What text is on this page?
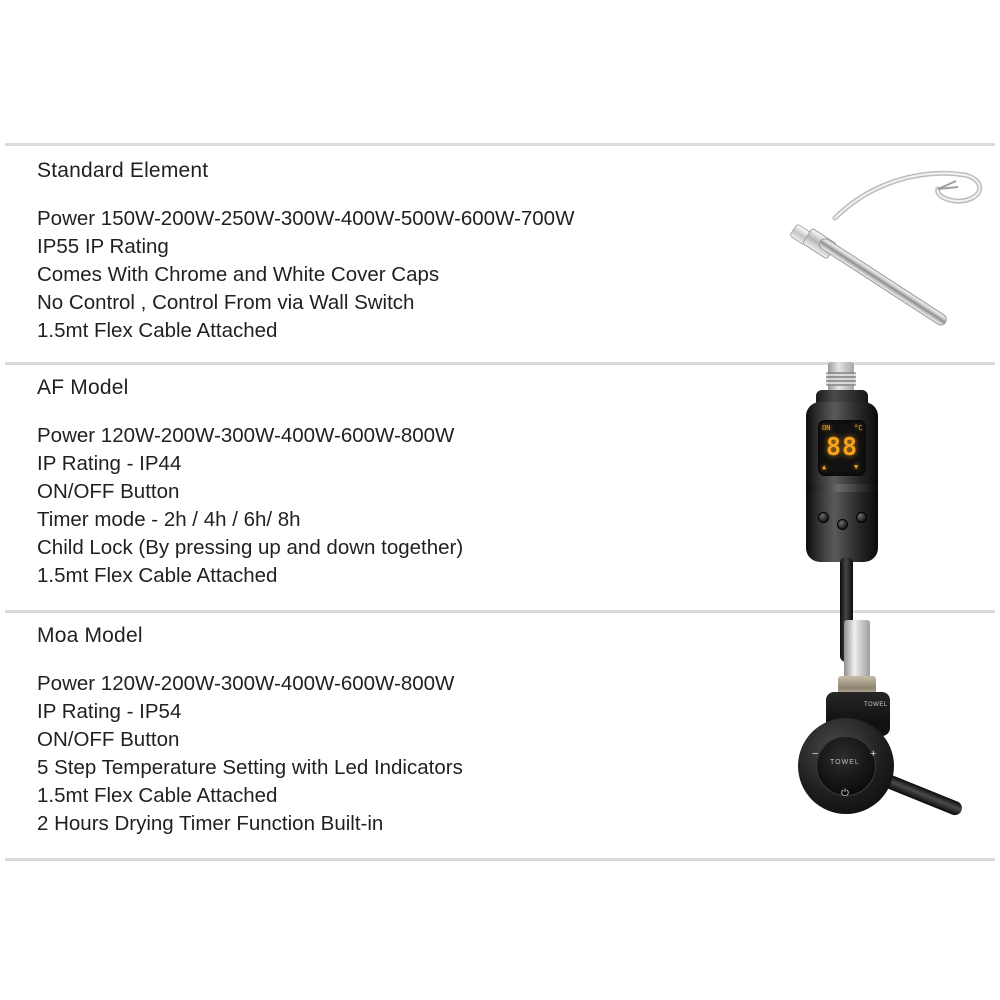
Standard Element
Power 150W-200W-250W-300W-400W-500W-600W-700W
IP55 IP Rating
Comes With Chrome and White Cover Caps
No Control , Control From via Wall Switch
1.5mt Flex Cable Attached
AF Model
Power 120W-200W-300W-400W-600W-800W
IP Rating - IP44
ON/OFF Button
Timer mode - 2h / 4h / 6h/ 8h
Child Lock (By pressing up and down together)
1.5mt Flex Cable Attached
ON	°C
88
▲	▼
Moa Model
Power 120W-200W-300W-400W-600W-800W
IP Rating - IP54
ON/OFF Button
5 Step Temperature Setting with Led Indicators
1.5mt Flex Cable Attached
2 Hours Drying Timer Function Built-in
TOWEL
−	+
⏻
TOWEL
